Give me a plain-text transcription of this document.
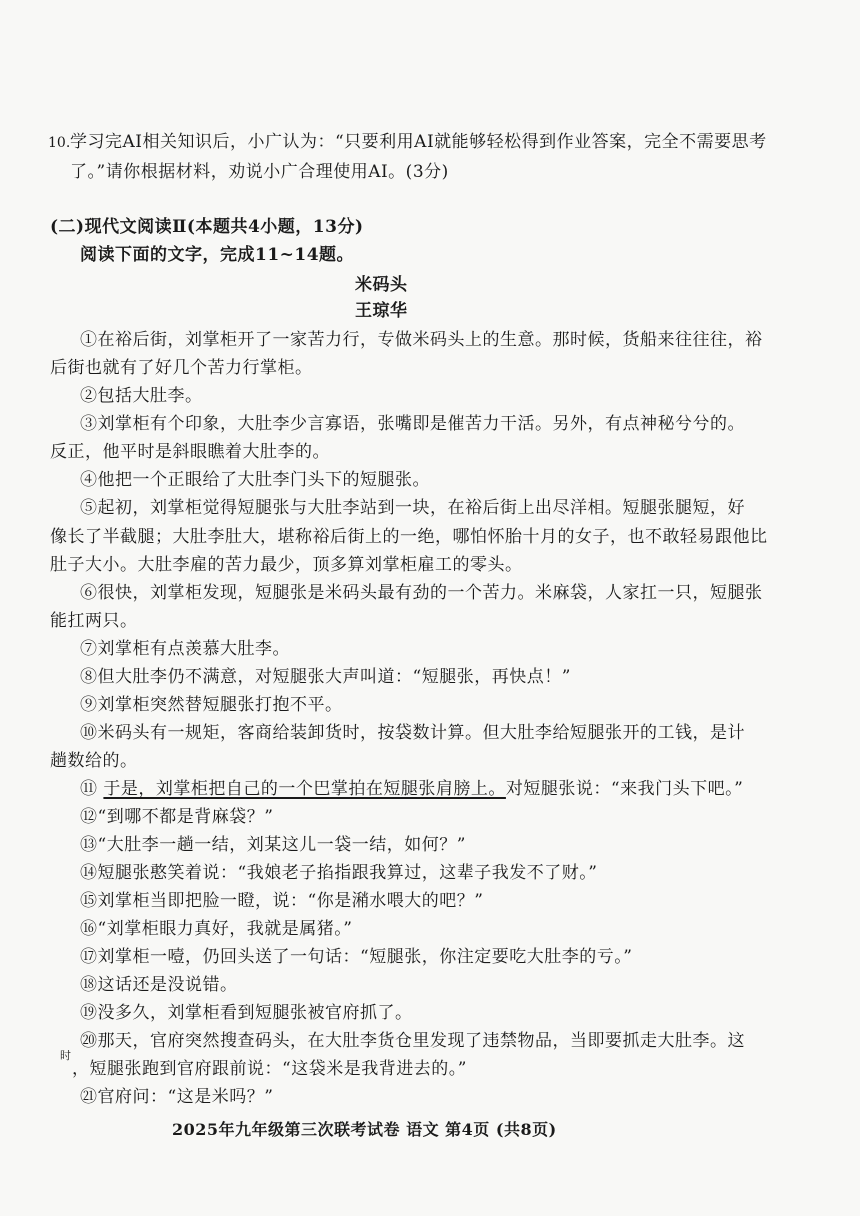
10. 学习完AI相关知识后，小广认为：“只要利用AI就能够轻松得到作业答案，完全不需要思考
了。”请你根据材料，劝说小广合理使用AI。(3分)
(二)现代文阅读Ⅱ(本题共4小题，13分)
阅读下面的文字，完成11~14题。
米码头
王琼华
①在裕后街，刘掌柜开了一家苦力行，专做米码头上的生意。那时候，货船来往往往，裕
后街也就有了好几个苦力行掌柜。
②包括大肚李。
③刘掌柜有个印象，大肚李少言寡语，张嘴即是催苦力干活。另外，有点神秘兮兮的。
反正，他平时是斜眼瞧着大肚李的。
④他把一个正眼给了大肚李门头下的短腿张。
⑤起初，刘掌柜觉得短腿张与大肚李站到一块，在裕后街上出尽洋相。短腿张腿短，好
像长了半截腿；大肚李肚大，堪称裕后街上的一绝，哪怕怀胎十月的女子，也不敢轻易跟他比
肚子大小。大肚李雇的苦力最少，顶多算刘掌柜雇工的零头。
⑥很快，刘掌柜发现，短腿张是米码头最有劲的一个苦力。米麻袋，人家扛一只，短腿张
能扛两只。
⑦刘掌柜有点羡慕大肚李。
⑧但大肚李仍不满意，对短腿张大声叫道：“短腿张，再快点！”
⑨刘掌柜突然替短腿张打抱不平。
⑩米码头有一规矩，客商给装卸货时，按袋数计算。但大肚李给短腿张开的工钱，是计
趟数给的。
⑪ 于是，刘掌柜把自己的一个巴掌拍在短腿张肩膀上。对短腿张说：“来我门头下吧。”
⑫“到哪不都是背麻袋？”
⑬“大肚李一趟一结，刘某这儿一袋一结，如何？”
⑭短腿张憨笑着说：“我娘老子掐指跟我算过，这辈子我发不了财。”
⑮刘掌柜当即把脸一瞪，说：“你是潲水喂大的吧？”
⑯“刘掌柜眼力真好，我就是属猪。”
⑰刘掌柜一噎，仍回头送了一句话：“短腿张，你注定要吃大肚李的亏。”
⑱这话还是没说错。
⑲没多久，刘掌柜看到短腿张被官府抓了。
⑳那天，官府突然搜查码头，在大肚李货仓里发现了违禁物品，当即要抓走大肚李。这
时
，短腿张跑到官府跟前说：“这袋米是我背进去的。”
㉑官府问：“这是米吗？”
2025年九年级第三次联考试卷 语文 第4页 (共8页)
